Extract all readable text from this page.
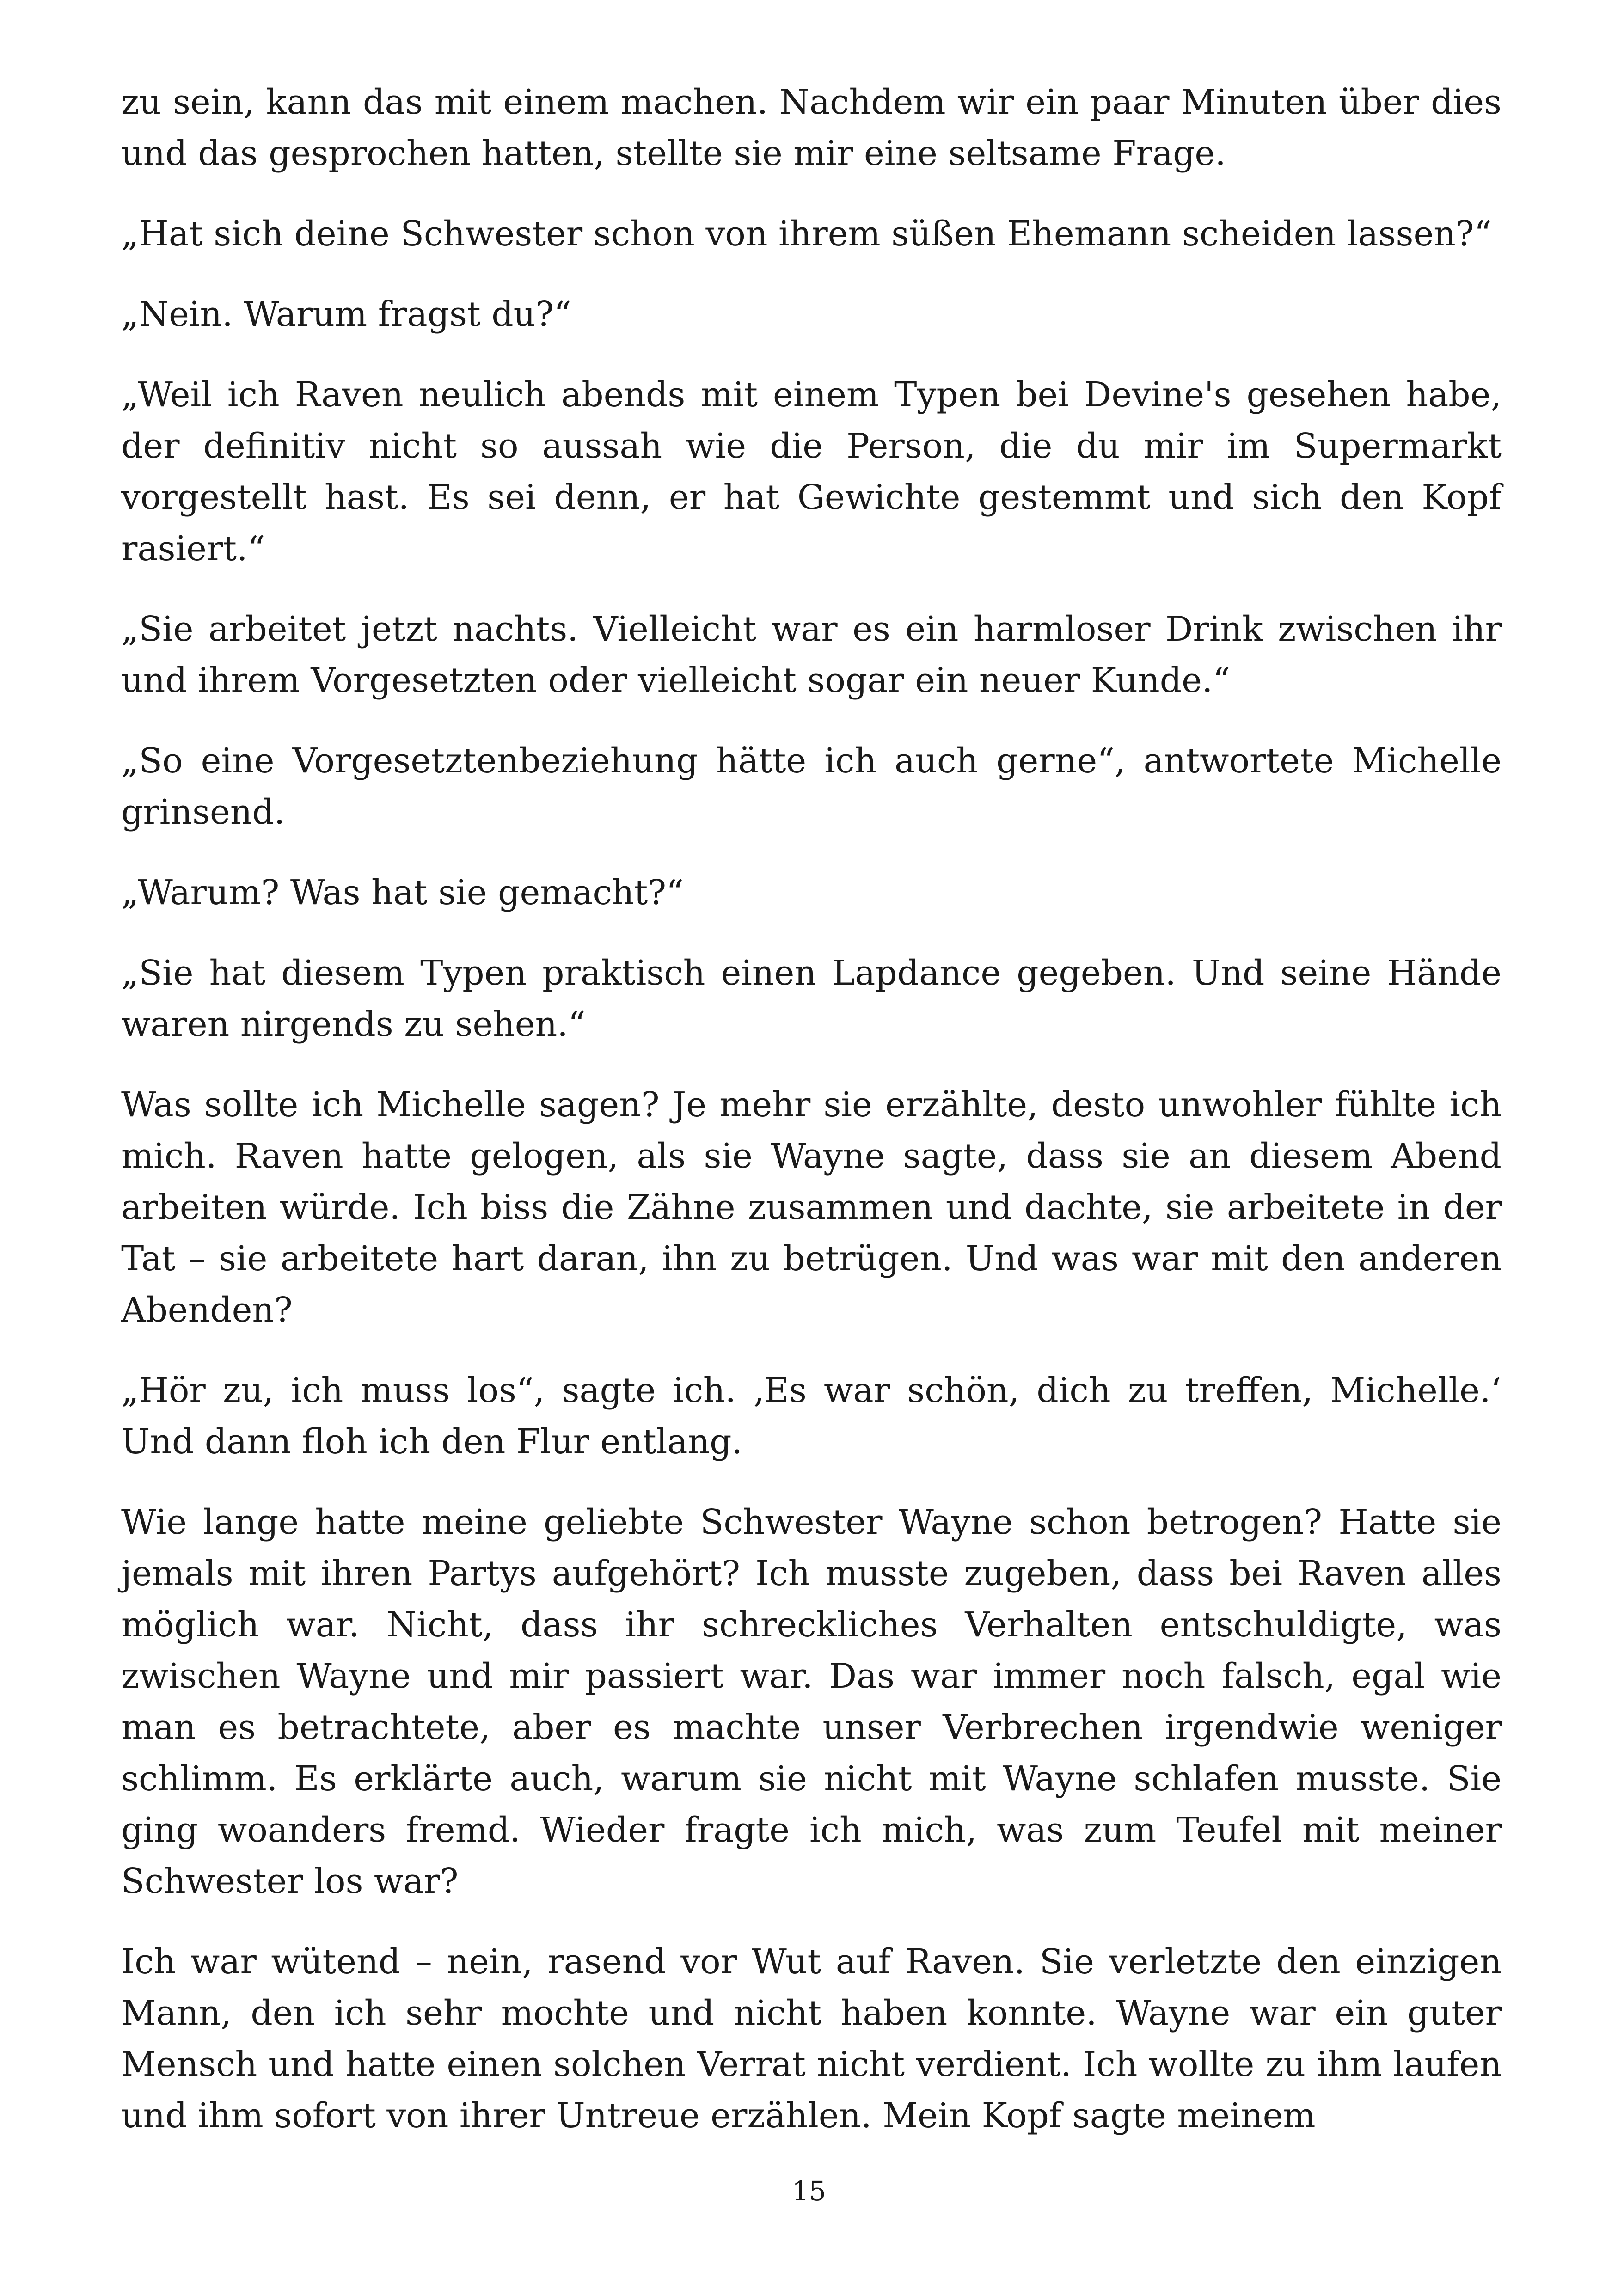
zu sein, kann das mit einem machen. Nachdem wir ein paar Minuten über dies und das gesprochen hatten, stellte sie mir eine seltsame Frage.

„Hat sich deine Schwester schon von ihrem süßen Ehemann scheiden lassen?“

„Nein. Warum fragst du?“

„Weil ich Raven neulich abends mit einem Typen bei Devine's gesehen habe, der definitiv nicht so aussah wie die Person, die du mir im Supermarkt vorgestellt hast. Es sei denn, er hat Gewichte gestemmt und sich den Kopf rasiert.“

„Sie arbeitet jetzt nachts. Vielleicht war es ein harmloser Drink zwischen ihr und ihrem Vorgesetzten oder vielleicht sogar ein neuer Kunde.“

„So eine Vorgesetztenbeziehung hätte ich auch gerne“, antwortete Michelle grinsend.

„Warum? Was hat sie gemacht?“

„Sie hat diesem Typen praktisch einen Lapdance gegeben. Und seine Hände waren nirgends zu sehen.“

Was sollte ich Michelle sagen? Je mehr sie erzählte, desto unwohler fühlte ich mich. Raven hatte gelogen, als sie Wayne sagte, dass sie an diesem Abend arbeiten würde. Ich biss die Zähne zusammen und dachte, sie arbeitete in der Tat – sie arbeitete hart daran, ihn zu betrügen. Und was war mit den anderen Abenden?

„Hör zu, ich muss los“, sagte ich. ‚Es war schön, dich zu treffen, Michelle.‘ Und dann floh ich den Flur entlang.

Wie lange hatte meine geliebte Schwester Wayne schon betrogen? Hatte sie jemals mit ihren Partys aufgehört? Ich musste zugeben, dass bei Raven alles möglich war. Nicht, dass ihr schreckliches Verhalten entschuldigte, was zwischen Wayne und mir passiert war. Das war immer noch falsch, egal wie man es betrachtete, aber es machte unser Verbrechen irgendwie weniger schlimm. Es erklärte auch, warum sie nicht mit Wayne schlafen musste. Sie ging woanders fremd. Wieder fragte ich mich, was zum Teufel mit meiner Schwester los war?

Ich war wütend – nein, rasend vor Wut auf Raven. Sie verletzte den einzigen Mann, den ich sehr mochte und nicht haben konnte. Wayne war ein guter Mensch und hatte einen solchen Verrat nicht verdient. Ich wollte zu ihm laufen und ihm sofort von ihrer Untreue erzählen. Mein Kopf sagte meinem

15
